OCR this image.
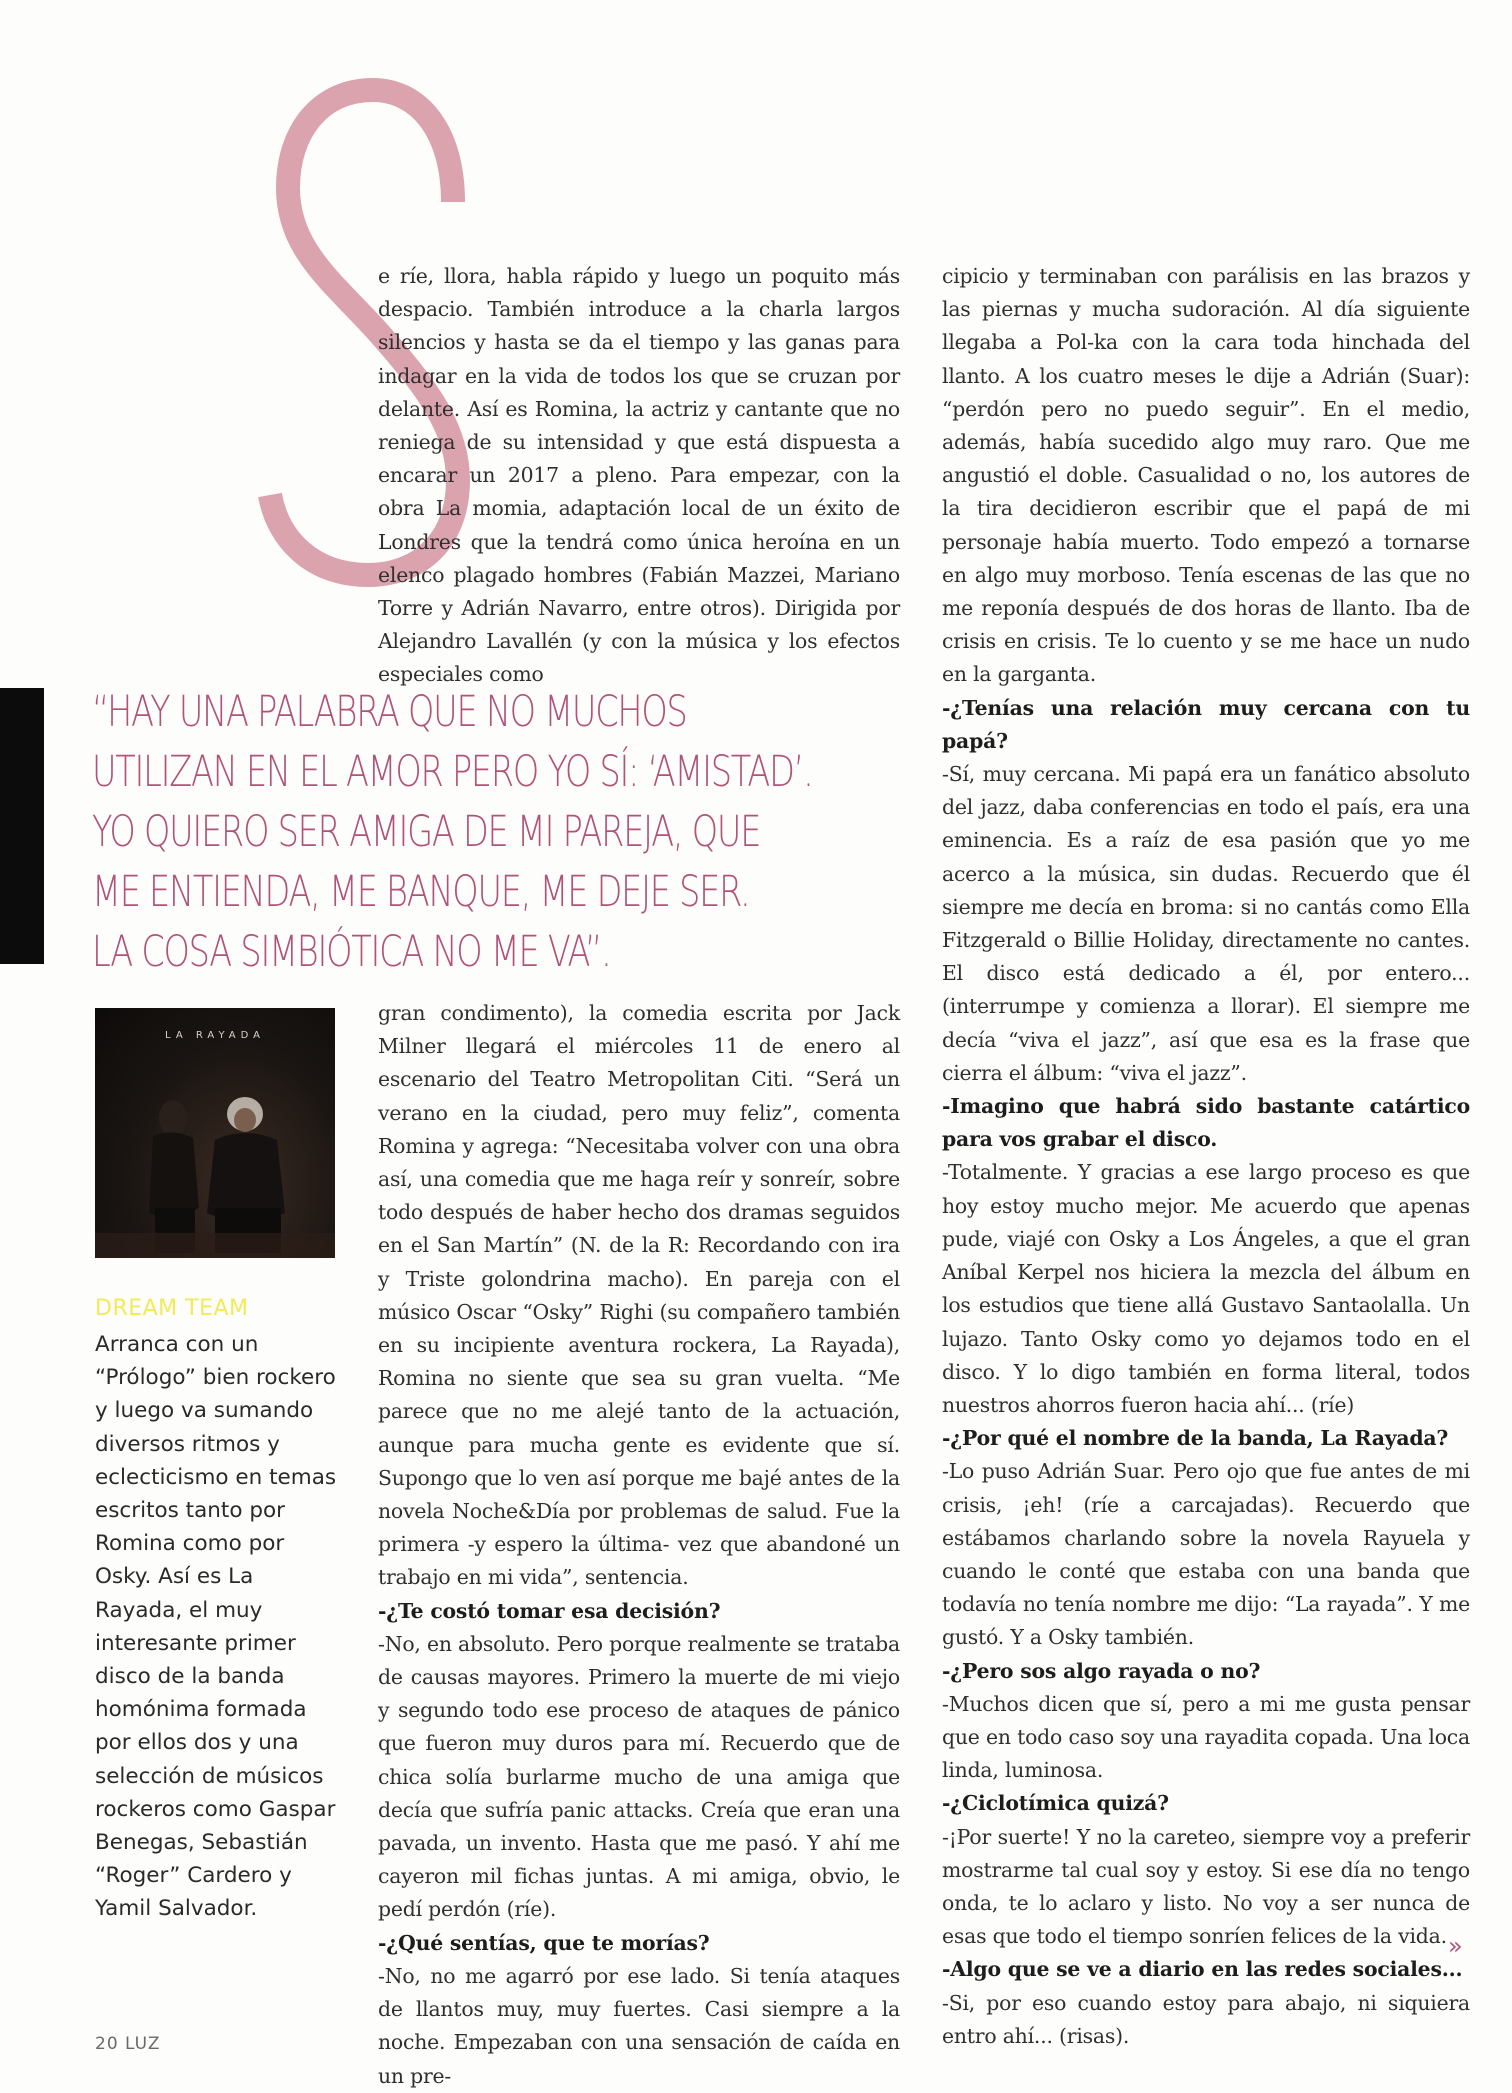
e ríe, llora, habla rápido y luego un poquito más despacio. También introduce a la charla largos silencios y hasta se da el tiempo y las ganas para indagar en la vida de todos los que se cruzan por delante. Así es Romina, la actriz y cantante que no reniega de su intensidad y que está dispuesta a encarar un 2017 a pleno. Para empezar, con la obra La momia, adaptación local de un éxito de Londres que la tendrá como única heroína en un elenco plagado hombres (Fabián Mazzei, Mariano Torre y Adrián Navarro, entre otros). Dirigida por Alejandro Lavallén (y con la música y los efectos especiales como

“HAY UNA PALABRA QUE NO MUCHOS
UTILIZAN EN EL AMOR PERO YO SÍ: ‘AMISTAD’.
YO QUIERO SER AMIGA DE MI PAREJA, QUE
ME ENTIENDA, ME BANQUE, ME DEJE SER.
LA COSA SIMBIÓTICA NO ME VA”.
LA RAYADA
DREAM TEAM
Arranca con un “Prólogo” bien rockero y luego va sumando diversos ritmos y eclecticismo en temas escritos tanto por Romina como por Osky. Así es La Rayada, el muy interesante primer disco de la banda homónima formada por ellos dos y una selección de músicos rockeros como Gaspar Benegas, Sebastián “Roger” Cardero y Yamil Salvador.

gran condimento), la comedia escrita por Jack Milner llegará el miércoles 11 de enero al escenario del Teatro Metropolitan Citi. “Será un verano en la ciudad, pero muy feliz”, comenta Romina y agrega: “Necesitaba volver con una obra así, una comedia que me haga reír y sonreír, sobre todo después de haber hecho dos dramas seguidos en el San Martín” (N. de la R: Recordando con ira y Triste golondrina macho). En pareja con el músico Oscar “Osky” Righi (su compañero también en su incipiente aventura rockera, La Rayada), Romina no siente que sea su gran vuelta. “Me parece que no me alejé tanto de la actuación, aunque para mucha gente es evidente que sí. Supongo que lo ven así porque me bajé antes de la novela Noche&Día por problemas de salud. Fue la primera -y espero la última- vez que abandoné un trabajo en mi vida”, sentencia.

-¿Te costó tomar esa decisión?

-No, en absoluto. Pero porque realmente se trataba de causas mayores. Primero la muerte de mi viejo y segundo todo ese proceso de ataques de pánico que fueron muy duros para mí. Recuerdo que de chica solía burlarme mucho de una amiga que decía que sufría panic attacks. Creía que eran una pavada, un invento. Hasta que me pasó. Y ahí me cayeron mil fichas juntas. A mi amiga, obvio, le pedí perdón (ríe).

-¿Qué sentías, que te morías?

-No, no me agarró por ese lado. Si tenía ataques de llantos muy, muy fuertes. Casi siempre a la noche. Empezaban con una sensación de caída en un pre-

cipicio y terminaban con parálisis en las brazos y las piernas y mucha sudoración. Al día siguiente llegaba a Pol-ka con la cara toda hinchada del llanto. A los cuatro meses le dije a Adrián (Suar): “perdón pero no puedo seguir”. En el medio, además, había sucedido algo muy raro. Que me angustió el doble. Casualidad o no, los autores de la tira decidieron escribir que el papá de mi personaje había muerto. Todo empezó a tornarse en algo muy morboso. Tenía escenas de las que no me reponía después de dos horas de llanto. Iba de crisis en crisis. Te lo cuento y se me hace un nudo en la garganta.

-¿Tenías una relación muy cercana con tu papá?

-Sí, muy cercana. Mi papá era un fanático absoluto del jazz, daba conferencias en todo el país, era una eminencia. Es a raíz de esa pasión que yo me acerco a la música, sin dudas. Recuerdo que él siempre me decía en broma: si no cantás como Ella Fitzgerald o Billie Holiday, directamente no cantes. El disco está dedicado a él, por entero... (interrumpe y comienza a llorar). El siempre me decía “viva el jazz”, así que esa es la frase que cierra el álbum: “viva el jazz”.

-Imagino que habrá sido bastante catártico para vos grabar el disco.

-Totalmente. Y gracias a ese largo proceso es que hoy estoy mucho mejor. Me acuerdo que apenas pude, viajé con Osky a Los Ángeles, a que el gran Aníbal Kerpel nos hiciera la mezcla del álbum en los estudios que tiene allá Gustavo Santaolalla. Un lujazo. Tanto Osky como yo dejamos todo en el disco. Y lo digo también en forma literal, todos nuestros ahorros fueron hacia ahí... (ríe)

-¿Por qué el nombre de la banda, La Rayada?

-Lo puso Adrián Suar. Pero ojo que fue antes de mi crisis, ¡eh! (ríe a carcajadas). Recuerdo que estábamos charlando sobre la novela Rayuela y cuando le conté que estaba con una banda que todavía no tenía nombre me dijo: “La rayada”. Y me gustó. Y a Osky también.

-¿Pero sos algo rayada o no?

-Muchos dicen que sí, pero a mi me gusta pensar que en todo caso soy una rayadita copada. Una loca linda, luminosa.

-¿Ciclotímica quizá?

-¡Por suerte! Y no la careteo, siempre voy a preferir mostrarme tal cual soy y estoy. Si ese día no tengo onda, te lo aclaro y listo. No voy a ser nunca de esas que todo el tiempo sonríen felices de la vida.

-Algo que se ve a diario en las redes sociales...

-Si, por eso cuando estoy para abajo, ni siquiera entro ahí... (risas).

»
20 LUZ
